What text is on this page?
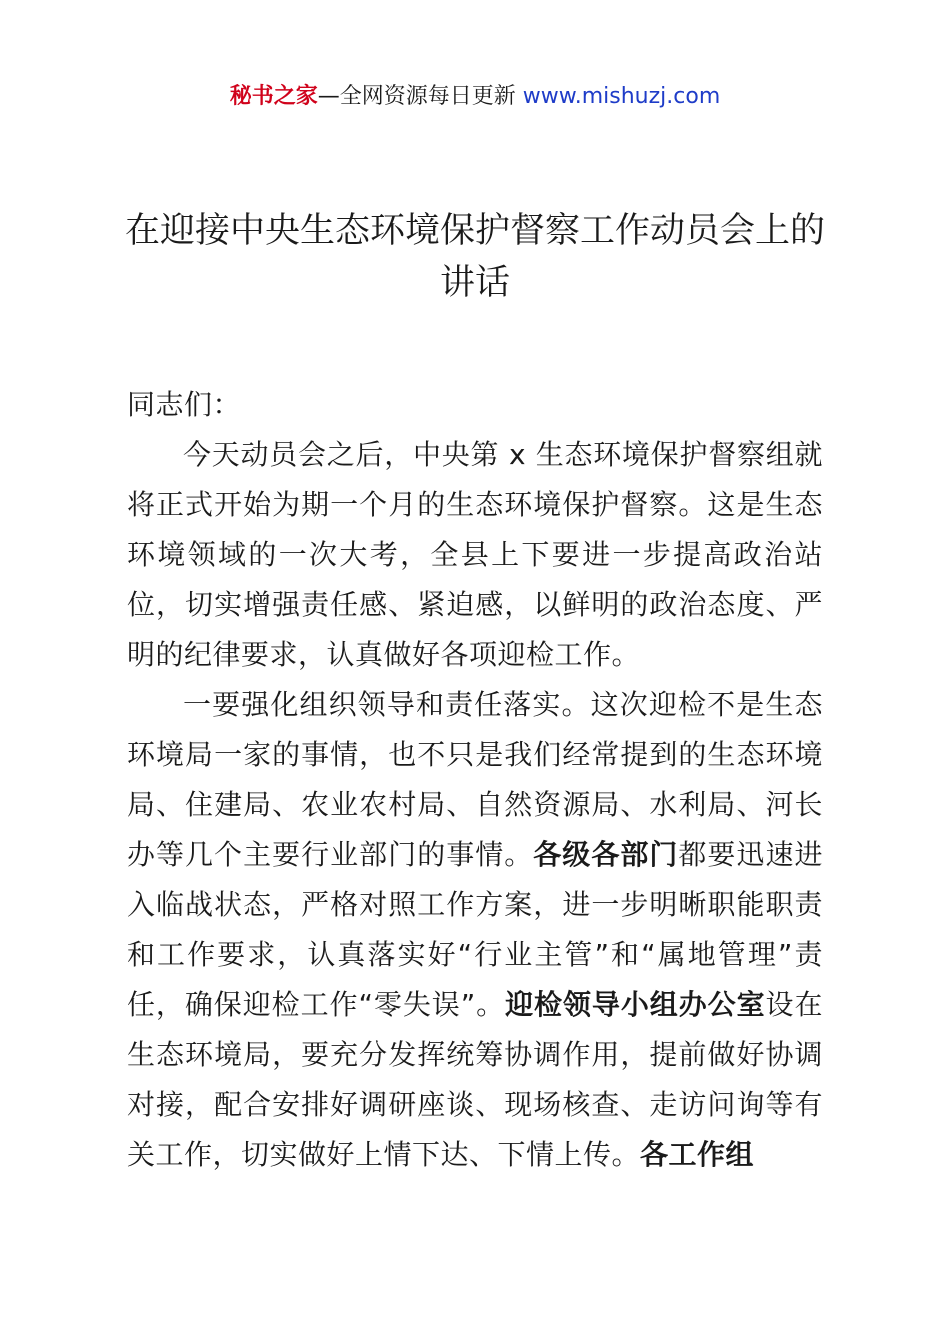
秘书之家—全网资源每日更新 www.mishuzj.com
在迎接中央生态环境保护督察工作动员会上的讲话

同志们：

今天动员会之后，中央第 x 生态环境保护督察组就将正式开始为期一个月的生态环境保护督察。这是生态环境领域的一次大考，全县上下要进一步提高政治站位，切实增强责任感、紧迫感，以鲜明的政治态度、严明的纪律要求，认真做好各项迎检工作。

一要强化组织领导和责任落实。这次迎检不是生态环境局一家的事情，也不只是我们经常提到的生态环境局、住建局、农业农村局、自然资源局、水利局、河长办等几个主要行业部门的事情。各级各部门都要迅速进入临战状态，严格对照工作方案，进一步明晰职能职责和工作要求，认真落实好“行业主管”和“属地管理”责任，确保迎检工作“零失误”。迎检领导小组办公室设在生态环境局，要充分发挥统筹协调作用，提前做好协调对接，配合安排好调研座谈、现场核查、走访问询等有关工作，切实做好上情下达、下情上传。各工作组
